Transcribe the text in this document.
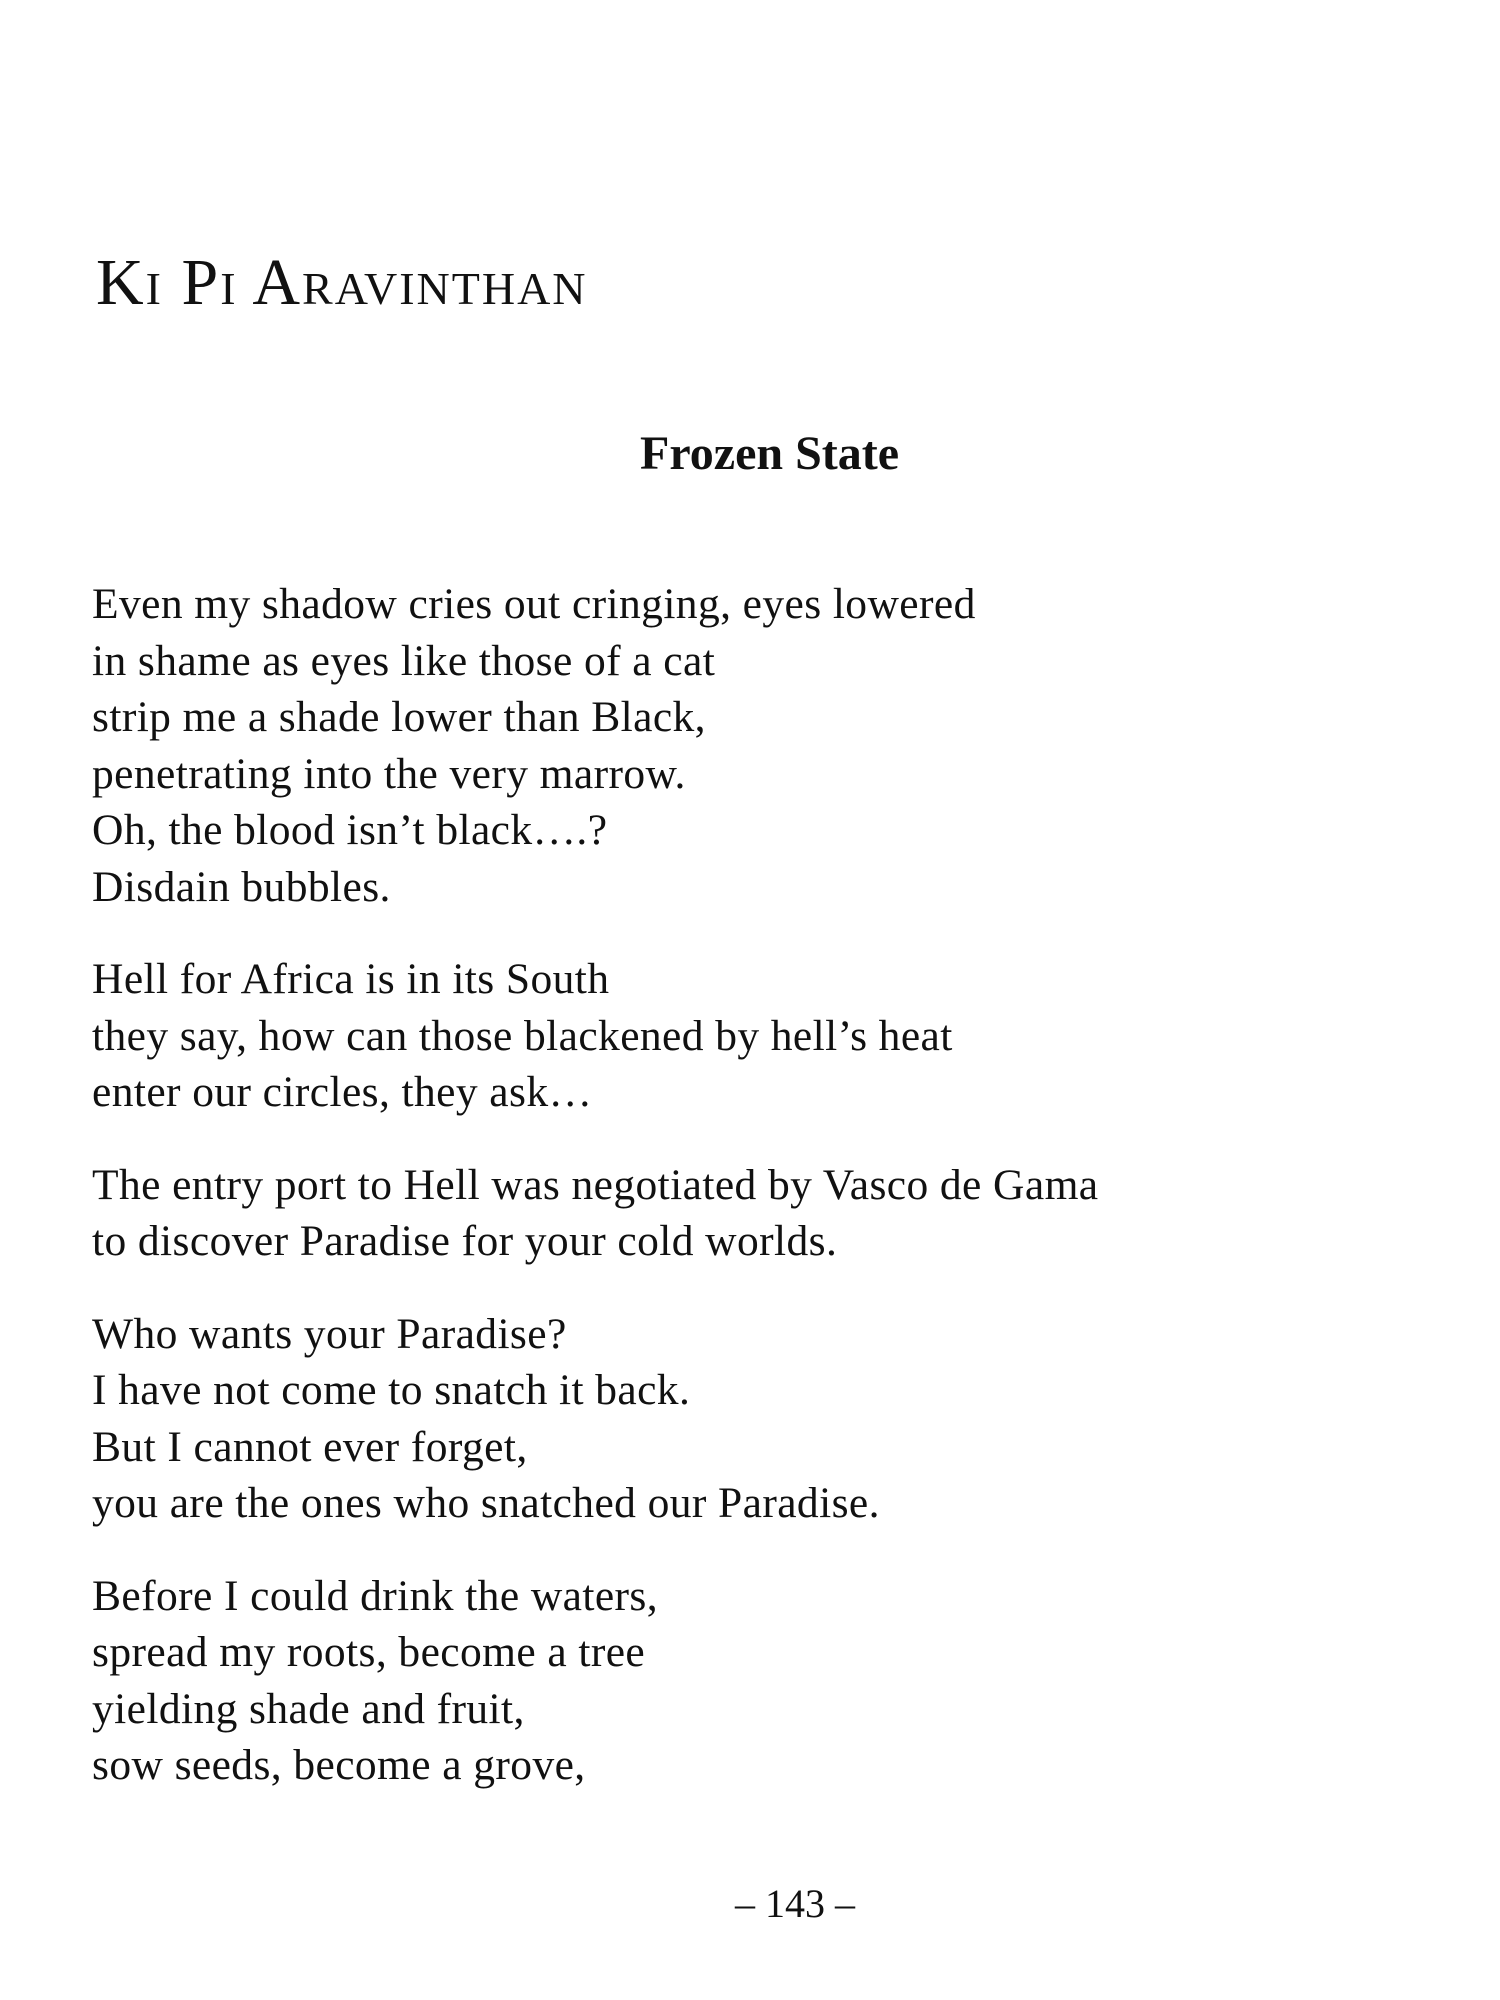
Ki Pi Aravinthan
Frozen State
Even my shadow cries out cringing, eyes lowered
in shame as eyes like those of a cat
strip me a shade lower than Black,
penetrating into the very marrow.
Oh, the blood isn’t black….?
Disdain bubbles.
Hell for Africa is in its South
they say, how can those blackened by hell’s heat
enter our circles, they ask…
The entry port to Hell was negotiated by Vasco de Gama
to discover Paradise for your cold worlds.
Who wants your Paradise?
I have not come to snatch it back.
But I cannot ever forget,
you are the ones who snatched our Paradise.
Before I could drink the waters,
spread my roots, become a tree
yielding shade and fruit,
sow seeds, become a grove,
– 143 –
